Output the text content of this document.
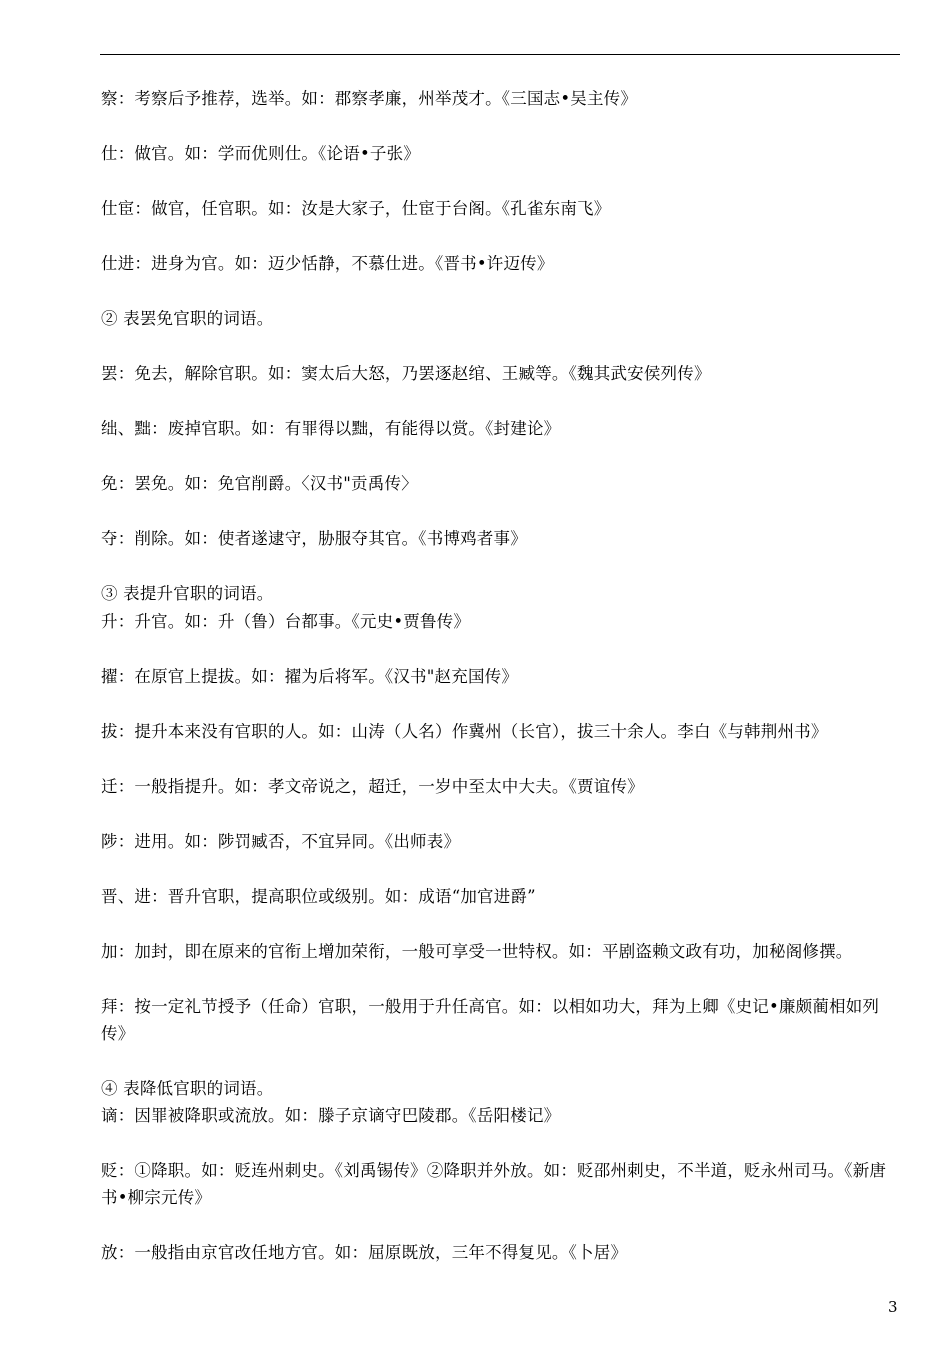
察：考察后予推荐，选举。如：郡察孝廉，州举茂才。《三国志•吴主传》
仕：做官。如：学而优则仕。《论语•子张》
仕宦：做官，任官职。如：汝是大家子，仕宦于台阁。《孔雀东南飞》
仕进：进身为官。如：迈少恬静，不慕仕进。《晋书•许迈传》
② 表罢免官职的词语。
罢：免去，解除官职。如：窦太后大怒，乃罢逐赵绾、王臧等。《魏其武安侯列传》
绌、黜：废掉官职。如：有罪得以黜，有能得以赏。《封建论》
免：罢免。如：免官削爵。〈汉书"贡禹传〉
夺：削除。如：使者遂逮守，胁服夺其官。《书博鸡者事》
③ 表提升官职的词语。
升：升官。如：升（鲁）台都事。《元史•贾鲁传》
擢：在原官上提拔。如：擢为后将军。《汉书"赵充国传》
拔：提升本来没有官职的人。如：山涛（人名）作冀州（长官），拔三十余人。李白《与韩荆州书》
迁：一般指提升。如：孝文帝说之，超迁，一岁中至太中大夫。《贾谊传》
陟：进用。如：陟罚臧否，不宜异同。《出师表》
晋、进：晋升官职，提高职位或级别。如：成语“加官进爵”
加：加封，即在原来的官衔上增加荣衔，一般可享受一世特权。如：平剧盗赖文政有功，加秘阁修撰。
拜：按一定礼节授予（任命）官职，一般用于升任高官。如：以相如功大，拜为上卿《史记•廉颇蔺相如列
传》
④ 表降低官职的词语。
谪：因罪被降职或流放。如：滕子京谪守巴陵郡。《岳阳楼记》
贬：①降职。如：贬连州刺史。《刘禹锡传》②降职并外放。如：贬邵州刺史，不半道，贬永州司马。《新唐
书•柳宗元传》
放：一般指由京官改任地方官。如：屈原既放，三年不得复见。《卜居》
3
